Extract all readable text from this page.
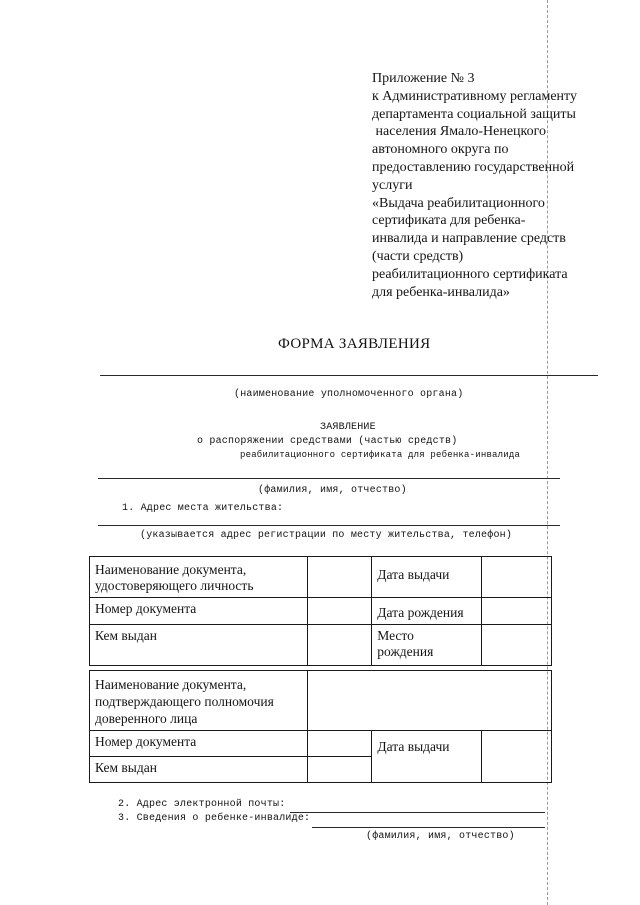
Приложение № 3
к Административному регламенту
департамента социальной защиты
населения Ямало-Ненецкого
автономного округа по
предоставлению государственной
услуги
«Выдача реабилитационного
сертификата для ребенка-
инвалида и направление средств
(части средств)
реабилитационного сертификата
для ребенка-инвалида»
ФОРМА ЗАЯВЛЕНИЯ
(наименование уполномоченного органа)
ЗАЯВЛЕНИЕ
о распоряжении средствами (частью средств)
реабилитационного сертификата для ребенка-инвалида
(фамилия, имя, отчество)
1. Адрес места жительства:
(указывается адрес регистрации по месту жительства, телефон)
Наименование документа, удостоверяющего личность		Дата выдачи	
Номер документа		Дата рождения	
Кем выдан		Место рождения	
Наименование документа, подтверждающего полномочия доверенного лица			
Номер документа		Дата выдачи	
Кем выдан			
2. Адрес электронной почты:
3. Сведения о ребенке-инвалиде:
(фамилия, имя, отчество)
